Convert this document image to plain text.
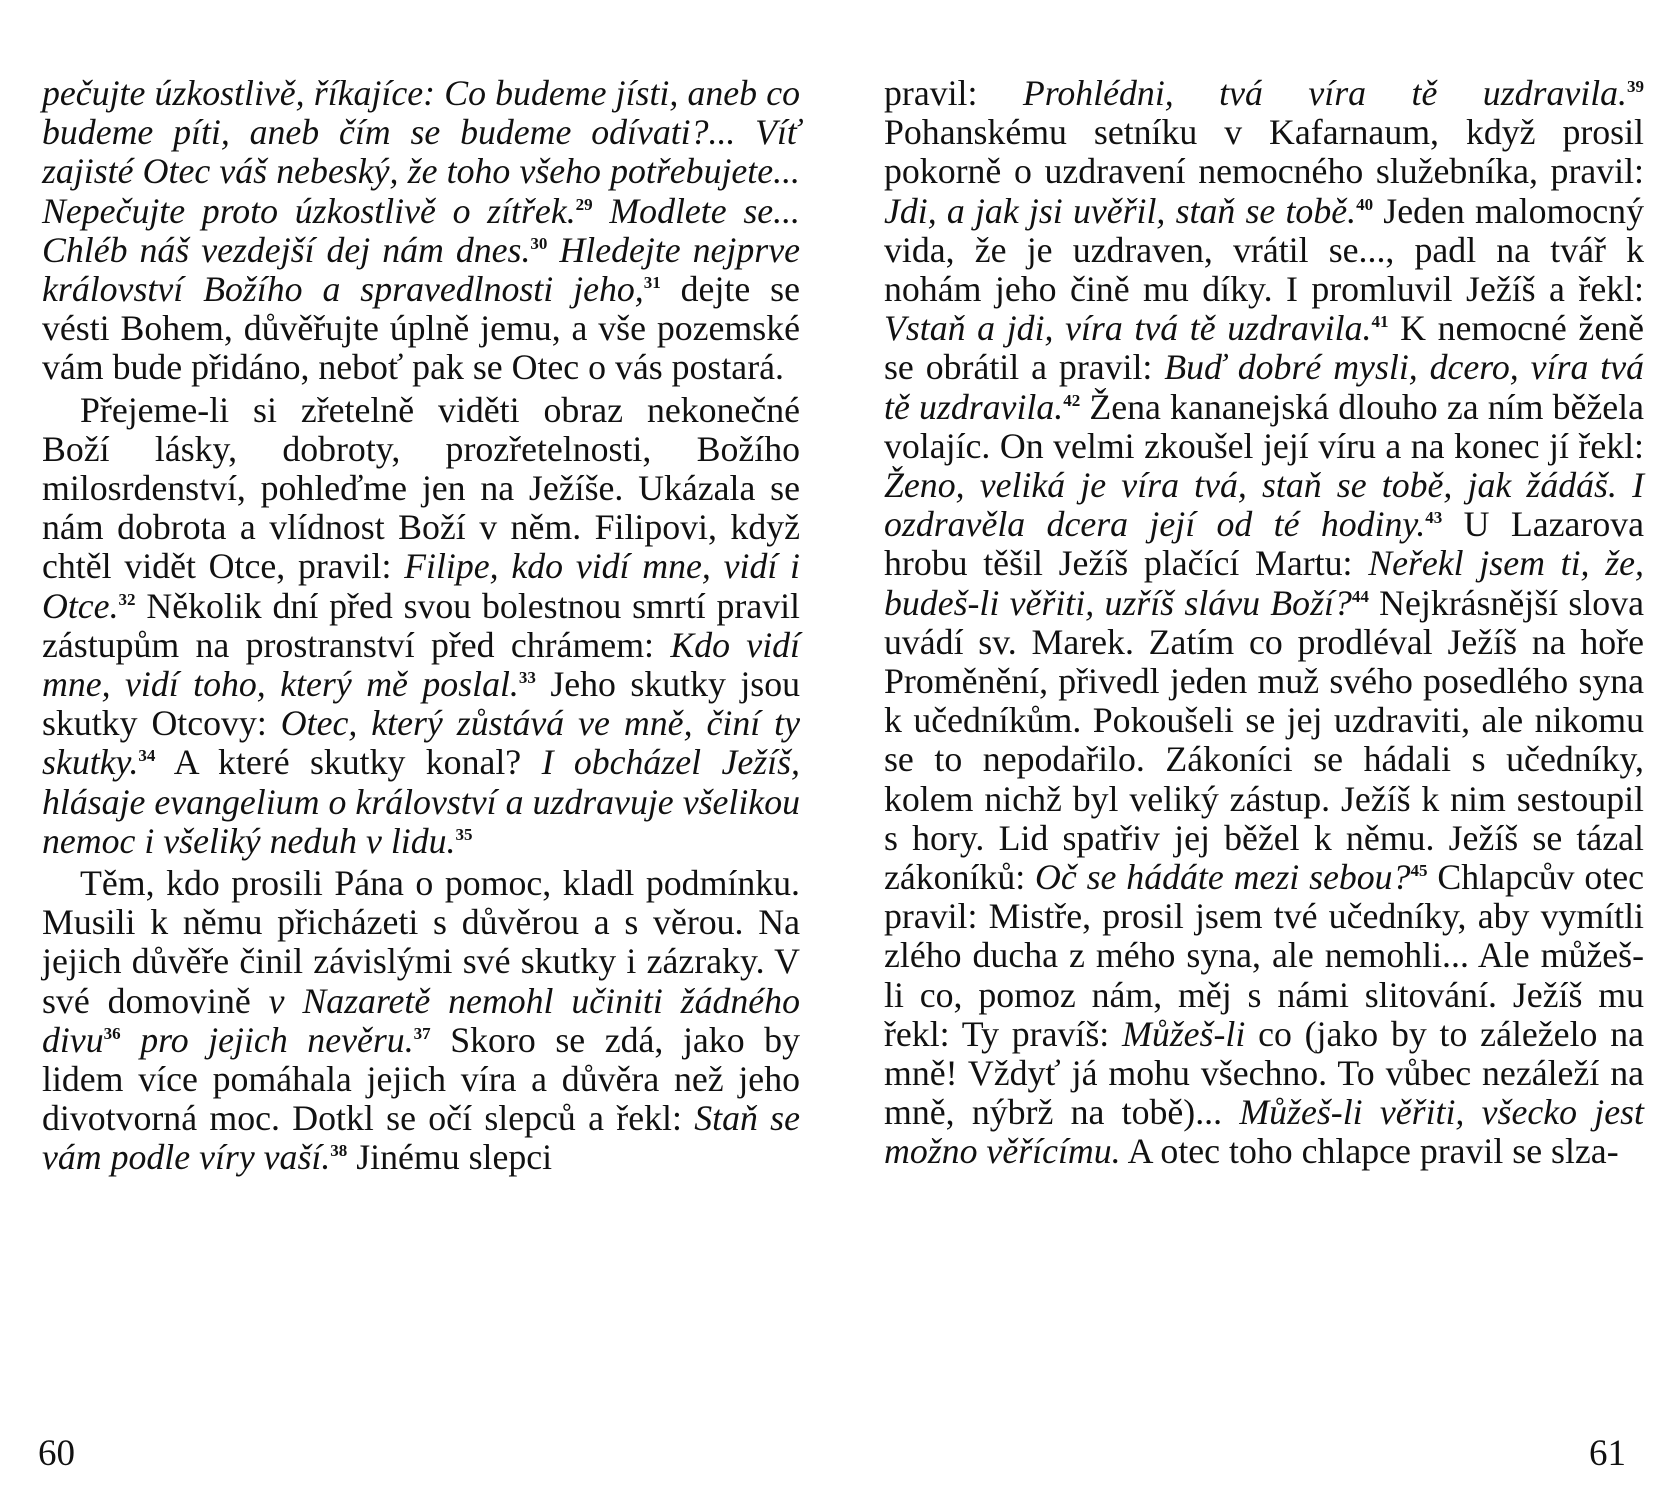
pečujte úzkostlivě, říkajíce: Co budeme jísti, aneb co budeme píti, aneb čím se budeme odívati?... Víť zajisté Otec váš nebeský, že toho všeho potřebujete... Nepečujte proto úzkostlivě o zítřek.$^{29}$ Modlete se... Chléb náš vezdejší dej nám dnes.$^{30}$ Hledejte nejprve království Božího a spravedlnosti jeho,$^{31}$ dejte se vésti Bohem, důvěřujte úplně jemu, a vše pozemské vám bude přidáno, neboť pak se Otec o vás postará.

Přejeme-li si zřetelně viděti obraz nekonečné Boží lásky, dobroty, prozřetelnosti, Božího milosrdenství, pohleďme jen na Ježíše. Ukázala se nám dobrota a vlídnost Boží v něm. Filipovi, když chtěl vidět Otce, pravil: Filipe, kdo vidí mne, vidí i Otce.$^{32}$ Několik dní před svou bolestnou smrtí pravil zástupům na prostranství před chrámem: Kdo vidí mne, vidí toho, který mě poslal.$^{33}$ Jeho skutky jsou skutky Otcovy: Otec, který zůstává ve mně, činí ty skutky.$^{34}$ A které skutky konal? I obcházel Ježíš, hlásaje evangelium o království a uzdravuje všelikou nemoc i všeliký neduh v lidu.$^{35}$

Těm, kdo prosili Pána o pomoc, kladl podmínku. Musili k němu přicházeti s důvěrou a s věrou. Na jejich důvěře činil závislými své skutky i zázraky. V své domovině v Nazaretě nemohl učiniti žádného divu$^{36}$ pro jejich nevěru.$^{37}$ Skoro se zdá, jako by lidem více pomáhala jejich víra a důvěra než jeho divotvorná moc. Dotkl se očí slepců a řekl: Staň se vám podle víry vaší.$^{38}$ Jinému slepci

60

pravil: Prohlédni, tvá víra tě uzdravila.$^{39}$ Pohanskému setníku v Kafarnaum, když prosil pokorně o uzdravení nemocného služebníka, pravil: Jdi, a jak jsi uvěřil, staň se tobě.$^{40}$ Jeden malomocný vida, že je uzdraven, vrátil se..., padl na tvář k nohám jeho čině mu díky. I promluvil Ježíš a řekl: Vstaň a jdi, víra tvá tě uzdravila.$^{41}$ K nemocné ženě se obrátil a pravil: Buď dobré mysli, dcero, víra tvá tě uzdravila.$^{42}$ Žena kananejská dlouho za ním běžela volajíc. On velmi zkoušel její víru a na konec jí řekl: Ženo, veliká je víra tvá, staň se tobě, jak žádáš. I ozdravěla dcera její od té hodiny.$^{43}$ U Lazarova hrobu těšil Ježíš plačící Martu: Neřekl jsem ti, že, budeš-li věřiti, uzříš slávu Boží?$^{44}$ Nejkrásnější slova uvádí sv. Marek. Zatím co prodléval Ježíš na hoře Proměnění, přivedl jeden muž svého posedlého syna k učedníkům. Pokoušeli se jej uzdraviti, ale nikomu se to nepodařilo. Zákoníci se hádali s učedníky, kolem nichž byl veliký zástup. Ježíš k nim sestoupil s hory. Lid spatřiv jej běžel k němu. Ježíš se tázal zákoníků: Oč se hádáte mezi sebou?$^{45}$ Chlapcův otec pravil: Mistře, prosil jsem tvé učedníky, aby vymítli zlého ducha z mého syna, ale nemohli... Ale můžeš-li co, pomoz nám, měj s námi slitování. Ježíš mu řekl: Ty pravíš: Můžeš-li co (jako by to záleželo na mně! Vždyť já mohu všechno. To vůbec nezáleží na mně, nýbrž na tobě)... Můžeš-li věřiti, všecko jest možno věřícímu. A otec toho chlapce pravil se slza-

61
